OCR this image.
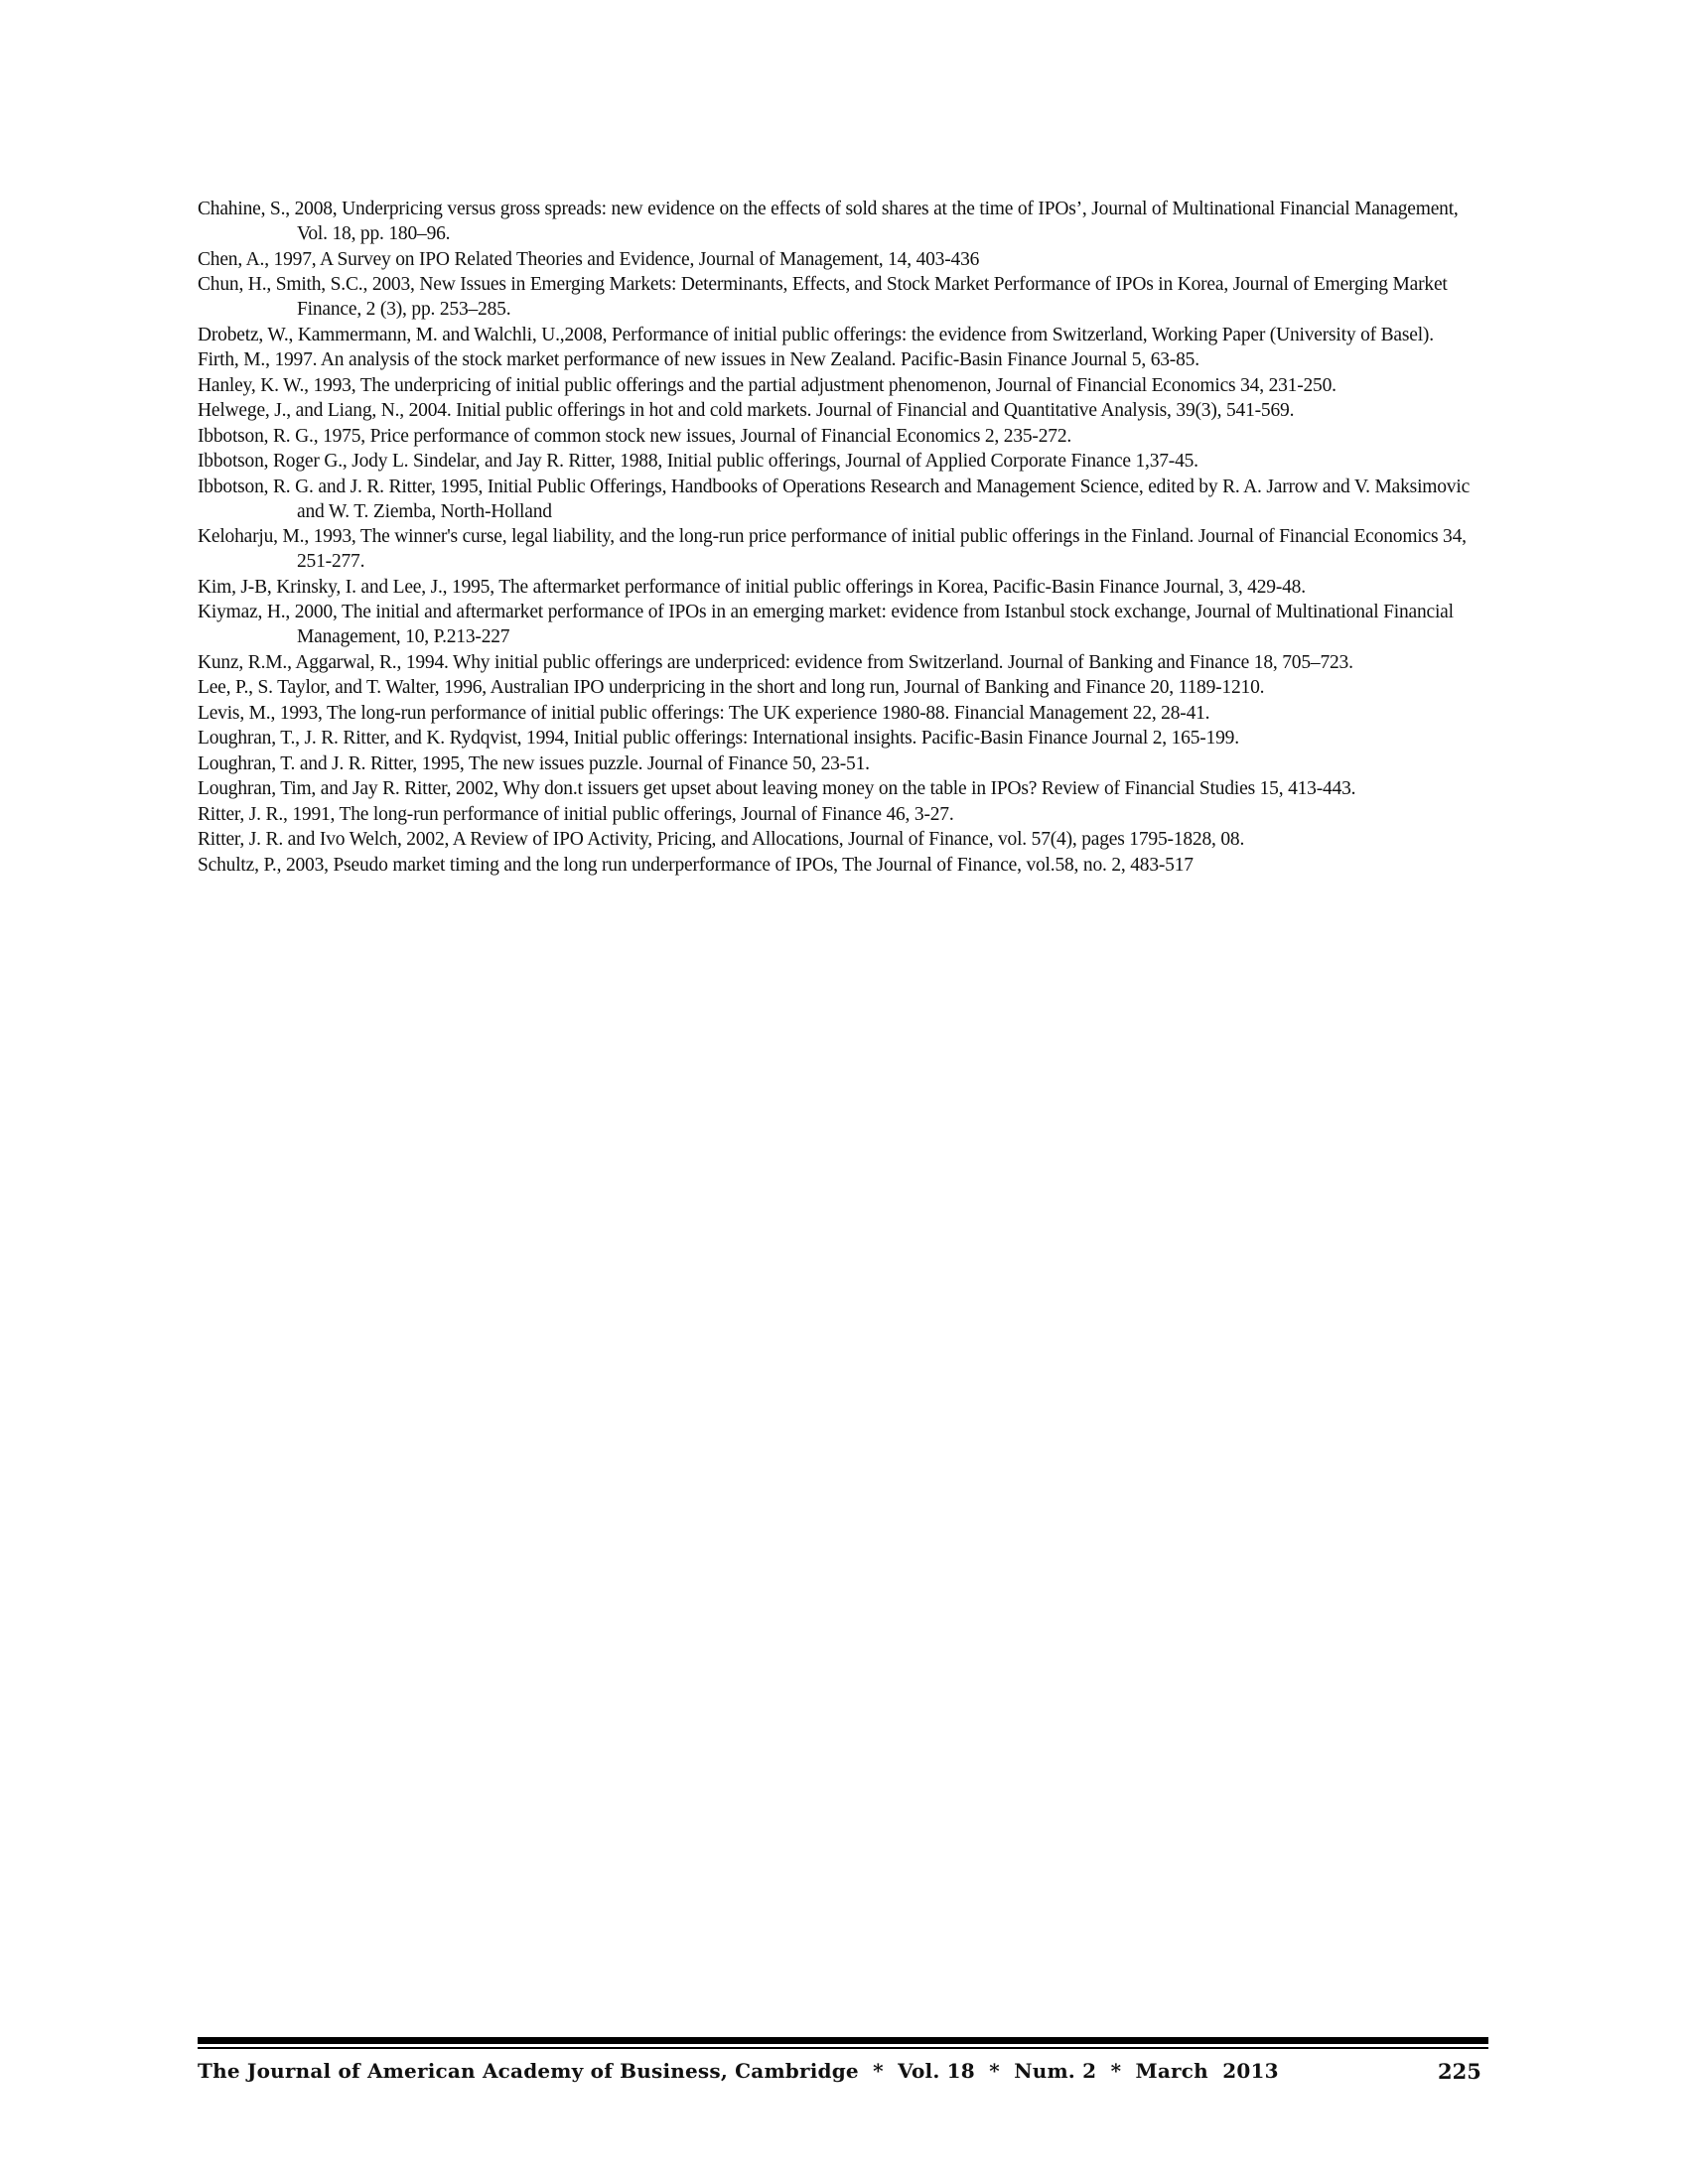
Chahine, S., 2008, Underpricing versus gross spreads: new evidence on the effects of sold shares at the time of IPOs’, Journal of Multinational Financial Management, Vol. 18, pp. 180–96.
Chen, A., 1997, A Survey on IPO Related Theories and Evidence, Journal of Management, 14, 403-436
Chun, H., Smith, S.C., 2003, New Issues in Emerging Markets: Determinants, Effects, and Stock Market Performance of IPOs in Korea, Journal of Emerging Market Finance, 2 (3), pp. 253–285.
Drobetz, W., Kammermann, M. and Walchli, U.,2008, Performance of initial public offerings: the evidence from Switzerland, Working Paper (University of Basel).
Firth, M., 1997. An analysis of the stock market performance of new issues in New Zealand. Pacific-Basin Finance Journal 5, 63-85.
Hanley, K. W., 1993, The underpricing of initial public offerings and the partial adjustment phenomenon, Journal of Financial Economics 34, 231-250.
Helwege, J., and Liang, N., 2004. Initial public offerings in hot and cold markets. Journal of Financial and Quantitative Analysis, 39(3), 541-569.
Ibbotson, R. G., 1975, Price performance of common stock new issues, Journal of Financial Economics 2, 235-272.
Ibbotson, Roger G., Jody L. Sindelar, and Jay R. Ritter, 1988, Initial public offerings, Journal of Applied Corporate Finance 1,37-45.
Ibbotson, R. G. and J. R. Ritter, 1995, Initial Public Offerings, Handbooks of Operations Research and Management Science, edited by R. A. Jarrow and V. Maksimovic and W. T. Ziemba, North-Holland
Keloharju, M., 1993, The winner's curse, legal liability, and the long-run price performance of initial public offerings in the Finland. Journal of Financial Economics 34, 251-277.
Kim, J-B, Krinsky, I. and Lee, J., 1995, The aftermarket performance of initial public offerings in Korea, Pacific-Basin Finance Journal, 3, 429-48.
Kiymaz, H., 2000, The initial and aftermarket performance of IPOs in an emerging market: evidence from Istanbul stock exchange, Journal of Multinational Financial Management, 10, P.213-227
Kunz, R.M., Aggarwal, R., 1994. Why initial public offerings are underpriced: evidence from Switzerland. Journal of Banking and Finance 18, 705–723.
Lee, P., S. Taylor, and T. Walter, 1996, Australian IPO underpricing in the short and long run, Journal of Banking and Finance 20, 1189-1210.
Levis, M., 1993, The long-run performance of initial public offerings: The UK experience 1980-88. Financial Management 22, 28-41.
Loughran, T., J. R. Ritter, and K. Rydqvist, 1994, Initial public offerings: International insights. Pacific-Basin Finance Journal 2, 165-199.
Loughran, T. and J. R. Ritter, 1995, The new issues puzzle. Journal of Finance 50, 23-51.
Loughran, Tim, and Jay R. Ritter, 2002, Why don.t issuers get upset about leaving money on the table in IPOs? Review of Financial Studies 15, 413-443.
Ritter, J. R., 1991, The long-run performance of initial public offerings, Journal of Finance 46, 3-27.
Ritter, J. R. and Ivo Welch, 2002, A Review of IPO Activity, Pricing, and Allocations, Journal of Finance, vol. 57(4), pages 1795-1828, 08.
Schultz, P., 2003, Pseudo market timing and the long run underperformance of IPOs, The Journal of Finance, vol.58, no. 2, 483-517
The Journal of American Academy of Business, Cambridge  *  Vol. 18  *  Num. 2  *  March  2013	225
